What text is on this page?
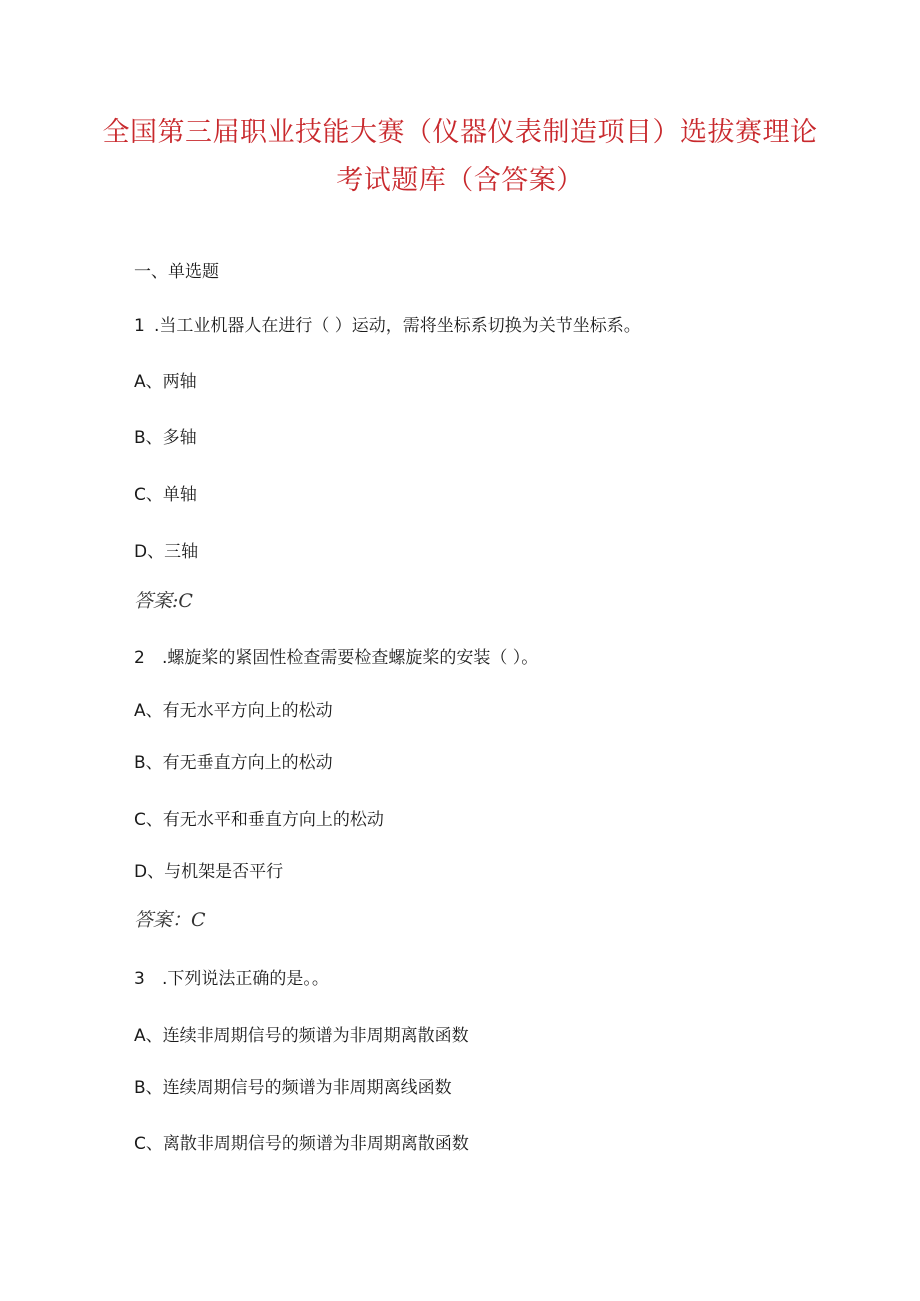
全国第三届职业技能大赛（仪器仪表制造项目）选拔赛理论
考试题库（含答案）
一、单选题
1 .当工业机器人在进行（ ）运动，需将坐标系切换为关节坐标系。
A、两轴
B、多轴
C、单轴
D、三轴
答案:C
2 .螺旋桨的紧固性检查需要检查螺旋桨的安装（ ）。
A、有无水平方向上的松动
B、有无垂直方向上的松动
C、有无水平和垂直方向上的松动
D、与机架是否平行
答案：C
3 .下列说法正确的是。。
A、连续非周期信号的频谱为非周期离散函数
B、连续周期信号的频谱为非周期离线函数
C、离散非周期信号的频谱为非周期离散函数
